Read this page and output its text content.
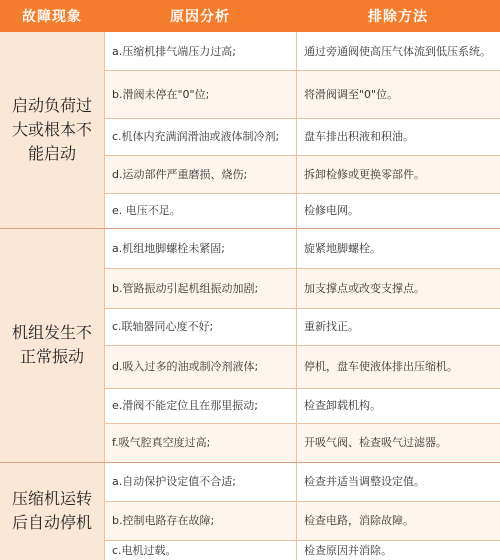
故障现象	原因分析	排除方法
启动负荷过大或根本不能启动
a.压缩机排气端压力过高;	通过旁通阀使高压气体流到低压系统。
b.滑阀未停在"0"位;	将滑阀调至"0"位。
c.机体内充满润滑油或液体制冷剂;	盘车排出积液和积油。
d.运动部件严重磨损、烧伤;	拆卸检修或更换零部件。
e. 电压不足。	检修电网。
机组发生不正常振动
a.机组地脚螺栓未紧固;	旋紧地脚螺栓。
b.管路振动引起机组振动加剧;	加支撑点或改变支撑点。
c.联轴器同心度不好;	重新找正。
d.吸入过多的油或制冷剂液体;	停机，盘车使液体排出压缩机。
e.滑阀不能定位且在那里振动;	检查卸载机构。
f.吸气腔真空度过高;	开吸气阀、检查吸气过滤器。
压缩机运转后自动停机
a.自动保护设定值不合适;	检查并适当调整设定值。
b.控制电路存在故障;	检查电路，消除故障。
c.电机过载。	检查原因并消除。
